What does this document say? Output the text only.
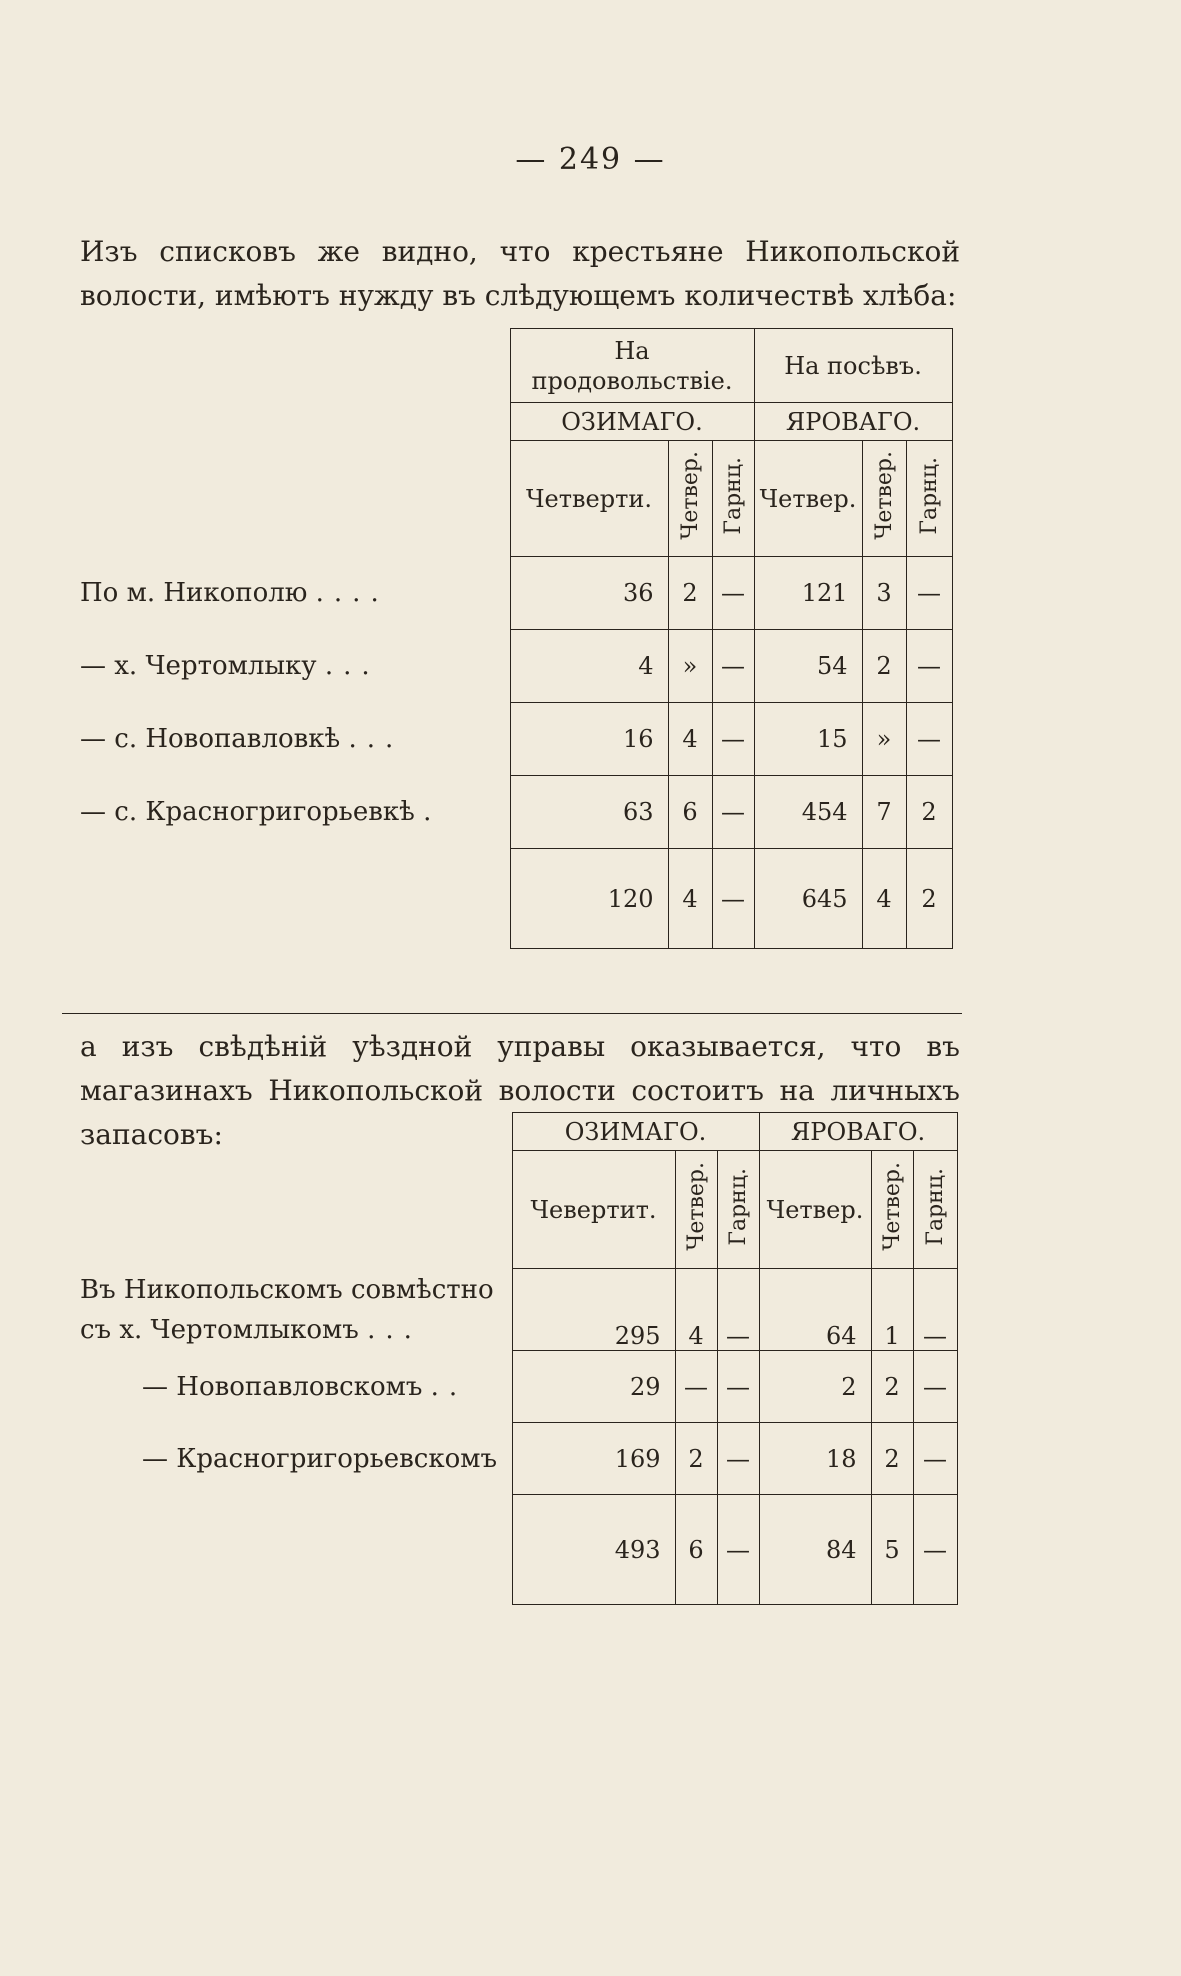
— 249 —
Изъ списковъ же видно, что крестьяне Никопольской волости, имѣютъ нужду въ слѣдующемъ количествѣ хлѣба:
	На продовольствіе.			На посѣвъ.		
	ОЗИМАГО.			ЯРОВАГО.		
	Четверти.	Четвер.	Гарнц.	Четвер.	Четвер.	Гарнц.
По м. Никополю ....	36	2	—	121	3	—
— х. Чертомлыку ...	4	»	—	54	2	—
— с. Новопавловкѣ ...	16	4	—	15	»	—
— с. Красногригорьевкѣ .	63	6	—	454	7	2
	120	4	—	645	4	2
а изъ свѣдѣній уѣздной управы оказывается, что въ магазинахъ Никопольской волости состоитъ на личныхъ запасовъ:
		ОЗИМАГО.			ЯРОВАГО.		
	Чевертит.	Четвер.	Гарнц.	Четвер.	Четвер.	Гарнц.
Въ Никопольскомъ совмѣстно
съ х. Чертомлыкомъ ...	295	4	—	64	1	—
— Новопавловскомъ ..	29	—	—	2	2	—
— Красногригорьевскомъ	169	2	—	18	2	—
	493	6	—	84	5	—
